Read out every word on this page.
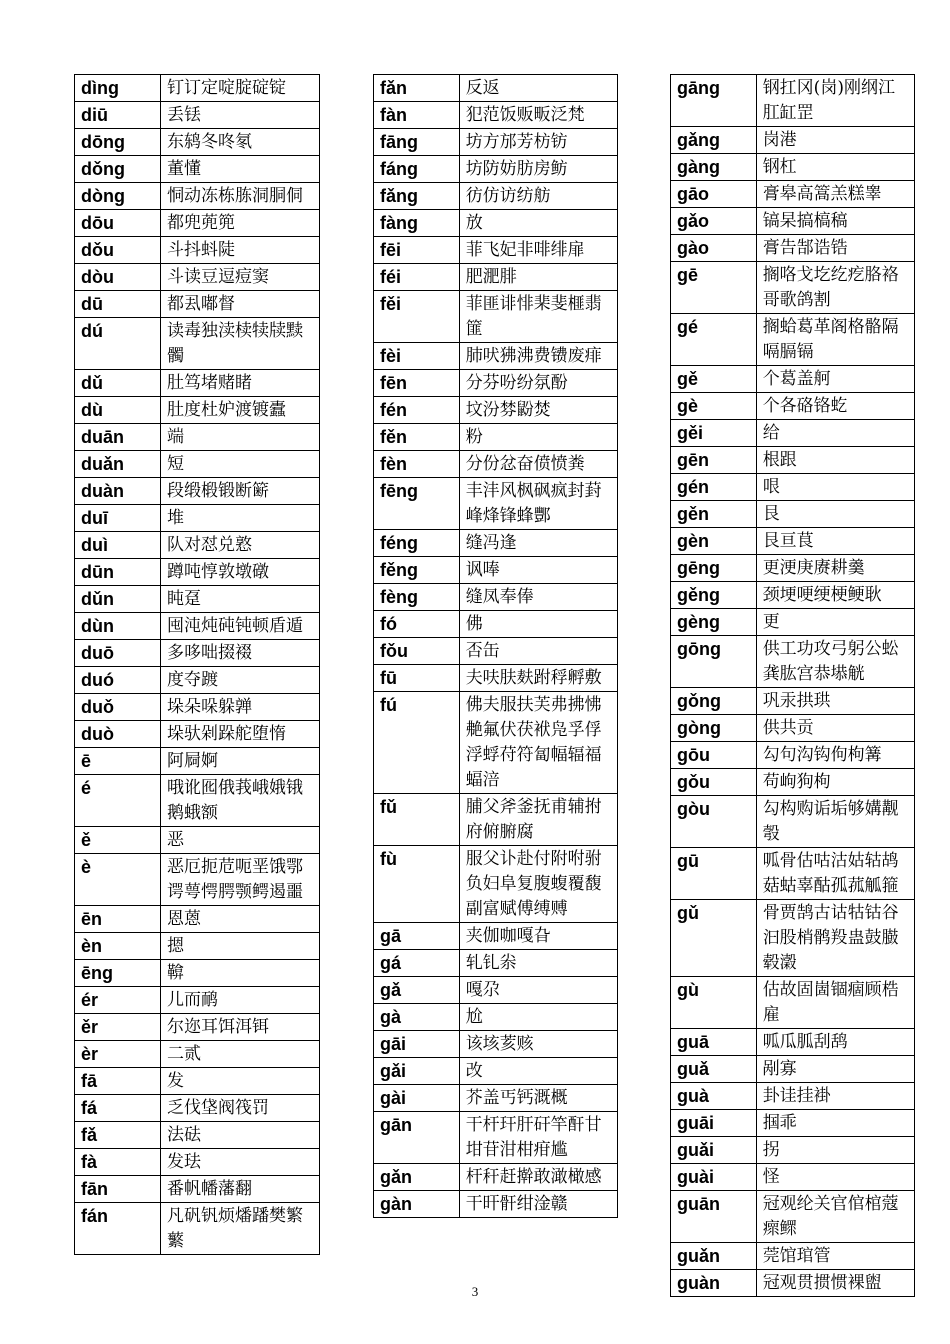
dìng	钉订定啶腚碇锭
diū	丢铥
dōng	东鸫冬咚氡
dǒng	董懂
dòng	恫动冻栋胨洞胴侗
dōu	都兜蔸篼
dǒu	斗抖蚪陡
dòu	斗读豆逗痘窦
dū	都厾嘟督
dú	读毒独渎椟犊牍黩髑
dǔ	肚笃堵赌睹
dù	肚度杜妒渡镀蠹
duān	端
duǎn	短
duàn	段缎椴锻断簖
duī	堆
duì	队对怼兑憝
dūn	蹲吨惇敦墩礅
dǔn	盹趸
dùn	囤沌炖砘钝顿盾遁
duō	多哆咄掇裰
duó	度夺踱
duǒ	垛朵哚躲亸
duò	垛驮剁跺舵堕惰
ē	阿屙婀
é	哦讹囮俄莪峨娥锇鹅蛾额
ě	恶
è	恶厄扼苊呃垩饿鄂谔萼愕腭颚鳄遏噩
ēn	恩蒽
èn	摁
ēng	鞥
ér	儿而鸸
ěr	尔迩耳饵洱铒
èr	二贰
fā	发
fá	乏伐垡阀筏罚
fǎ	法砝
fà	发珐
fān	番帆幡藩翻
fán	凡矾钒烦燔蹯樊繁蘩
fǎn	反返
fàn	犯范饭贩畈泛梵
fāng	坊方邡芳枋钫
fáng	坊防妨肪房鲂
fǎng	彷仿访纺舫
fàng	放
fēi	菲飞妃非啡绯扉
féi	肥淝腓
fěi	菲匪诽悱棐斐榧翡篚
fèi	肺吠狒沸费镄废痱
fēn	分芬吩纷氛酚
fén	坟汾棼鼢焚
fěn	粉
fèn	分份忿奋偾愤粪
fēng	丰沣风枫砜疯封葑峰烽锋蜂酆
féng	缝冯逢
fěng	讽唪
fèng	缝凤奉俸
fó	佛
fǒu	否缶
fū	夫呋肤麸跗稃孵敷
fú	佛夫服扶芙弗拂怫艴氟伏茯袱凫孚俘浮蜉苻符匐幅辐福蝠涪
fǔ	脯父斧釜抚甫辅拊府俯腑腐
fù	服父讣赴付附咐驸负妇阜复腹蝮覆馥副富赋傅缚赙
gā	夹伽咖嘎旮
gá	轧钆尜
gǎ	嘎尕
gà	尬
gāi	该垓荄赅
gǎi	改
gài	芥盖丐钙溉概
gān	干杆玕肝矸竿酐甘坩苷泔柑疳尴
gǎn	杆秆赶擀敢澉橄感
gàn	干旰骭绀淦赣
gāng	钢扛冈(岗)刚纲江肛缸罡
gǎng	岗港
gàng	钢杠
gāo	膏皋高篙羔糕睾
gǎo	镐杲搞槁稿
gào	膏告郜诰锆
gē	搁咯戈圪纥疙胳袼哥歌鸽割
gé	搁蛤葛革阁格骼隔嗝膈镉
gě	个葛盖舸
gè	个各硌铬虼
gěi	给
gēn	根跟
gén	哏
gěn	艮
gèn	艮亘茛
gēng	更浭庚赓耕羹
gěng	颈埂哽绠梗鲠耿
gèng	更
gōng	供工功攻弓躬公蚣龚肱宫恭塨觥
gǒng	巩汞拱珙
gòng	供共贡
gōu	勾句沟钩佝枸篝
gǒu	苟岣狗枸
gòu	勾构购诟垢够媾觏彀
gū	呱骨估咕沽姑轱鸪菇蛄辜酤孤菰觚箍
gǔ	骨贾鹄古诂牯钴谷汩股梢鹘羖蛊鼓臌毂瀔
gù	估故固崮锢痼顾梏雇
guā	呱瓜胍刮鸹
guǎ	剐寡
guà	卦诖挂褂
guāi	掴乖
guǎi	拐
guài	怪
guān	冠观纶关官倌棺蔻瘝鳏
guǎn	莞馆琯管
guàn	冠观贯掼惯裸盥
3
